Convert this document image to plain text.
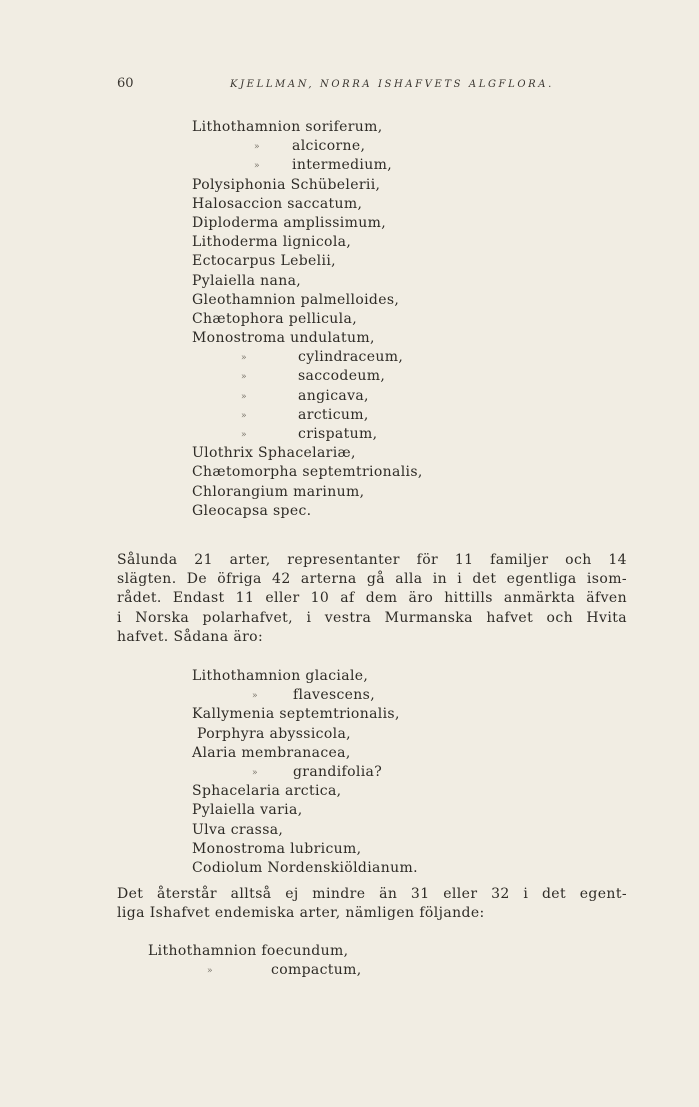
60	KJELLMAN, NORRA ISHAFVETS ALGFLORA.
Lithothamnion soriferum,
» alcicorne,
» intermedium,
Polysiphonia Schübelerii,
Halosaccion saccatum,
Diploderma amplissimum,
Lithoderma lignicola,
Ectocarpus Lebelii,
Pylaiella nana,
Gleothamnion palmelloides,
Chætophora pellicula,
Monostroma undulatum,
»	cylindraceum,
»	saccodeum,
»	angicava,
»	arcticum,
»	crispatum,
Ulothrix Sphacelariæ,
Chætomorpha septemtrionalis,
Chlorangium marinum,
Gleocapsa spec.
Sålunda 21 arter, representanter för 11 familjer och 14
slägten. De öfriga 42 arterna gå alla in i det egentliga isom-
rådet. Endast 11 eller 10 af dem äro hittills anmärkta äfven
i Norska polarhafvet, i vestra Murmanska hafvet och Hvita
hafvet. Sådana äro:
Lithothamnion glaciale,
»	flavescens,
Kallymenia septemtrionalis,
Porphyra abyssicola,
Alaria membranacea,
»	grandifolia?
Sphacelaria arctica,
Pylaiella varia,
Ulva crassa,
Monostroma lubricum,
Codiolum Nordenskiöldianum.
Det återstår alltså ej mindre än 31 eller 32 i det egent-
liga Ishafvet endemiska arter, nämligen följande:
Lithothamnion foecundum,
»	compactum,
